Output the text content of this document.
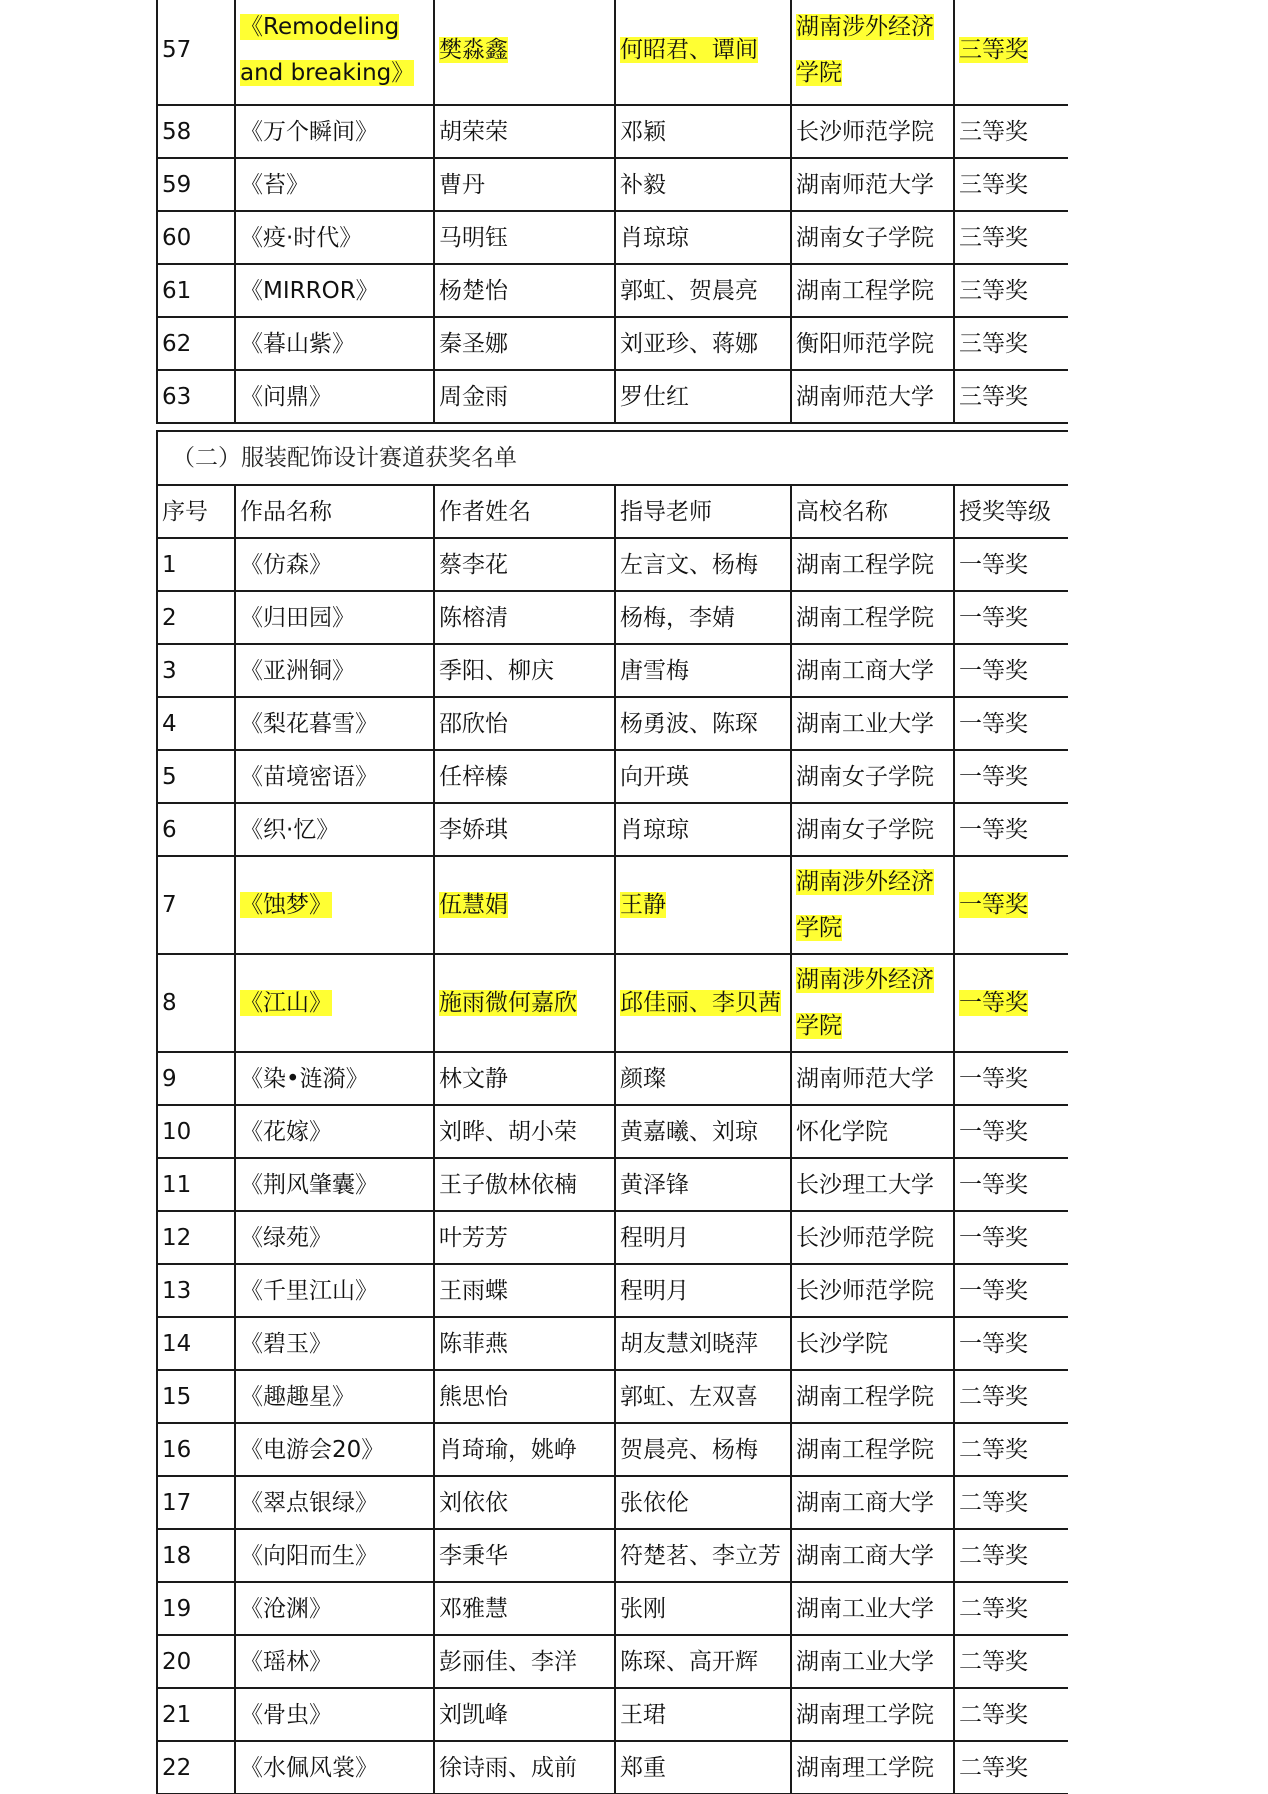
57	《Remodeling and breaking》	樊淼鑫	何昭君、谭间	湖南涉外经济学院	三等奖
58	《万个瞬间》	胡荣荣	邓颖	长沙师范学院	三等奖
59	《苔》	曹丹	补毅	湖南师范大学	三等奖
60	《疫·时代》	马明钰	肖琼琼	湖南女子学院	三等奖
61	《MIRROR》	杨楚怡	郭虹、贺晨亮	湖南工程学院	三等奖
62	《暮山紫》	秦圣娜	刘亚珍、蒋娜	衡阳师范学院	三等奖
63	《问鼎》	周金雨	罗仕红	湖南师范大学	三等奖
（二）服装配饰设计赛道获奖名单					
序号	作品名称	作者姓名	指导老师	高校名称	授奖等级
1	《仿森》	蔡李花	左言文、杨梅	湖南工程学院	一等奖
2	《归田园》	陈榕清	杨梅，李婧	湖南工程学院	一等奖
3	《亚洲铜》	季阳、柳庆	唐雪梅	湖南工商大学	一等奖
4	《梨花暮雪》	邵欣怡	杨勇波、陈琛	湖南工业大学	一等奖
5	《苗境密语》	任梓榛	向开瑛	湖南女子学院	一等奖
6	《织·忆》	李娇琪	肖琼琼	湖南女子学院	一等奖
7	《蚀梦》	伍慧娟	王静	湖南涉外经济学院	一等奖
8	《江山》	施雨微何嘉欣	邱佳丽、李贝茜	湖南涉外经济学院	一等奖
9	《染•涟漪》	林文静	颜璨	湖南师范大学	一等奖
10	《花嫁》	刘晔、胡小荣	黄嘉曦、刘琼	怀化学院	一等奖
11	《荆风肇囊》	王子傲林依楠	黄泽锋	长沙理工大学	一等奖
12	《绿苑》	叶芳芳	程明月	长沙师范学院	一等奖
13	《千里江山》	王雨蝶	程明月	长沙师范学院	一等奖
14	《碧玉》	陈菲燕	胡友慧刘晓萍	长沙学院	一等奖
15	《趣趣星》	熊思怡	郭虹、左双喜	湖南工程学院	二等奖
16	《电游会20》	肖琦瑜，姚峥	贺晨亮、杨梅	湖南工程学院	二等奖
17	《翠点银绿》	刘依依	张依伦	湖南工商大学	二等奖
18	《向阳而生》	李秉华	符楚茗、李立芳	湖南工商大学	二等奖
19	《沧渊》	邓雅慧	张刚	湖南工业大学	二等奖
20	《瑶林》	彭丽佳、李洋	陈琛、高开辉	湖南工业大学	二等奖
21	《骨虫》	刘凯峰	王珺	湖南理工学院	二等奖
22	《水佩风裳》	徐诗雨、成前	郑重	湖南理工学院	二等奖
